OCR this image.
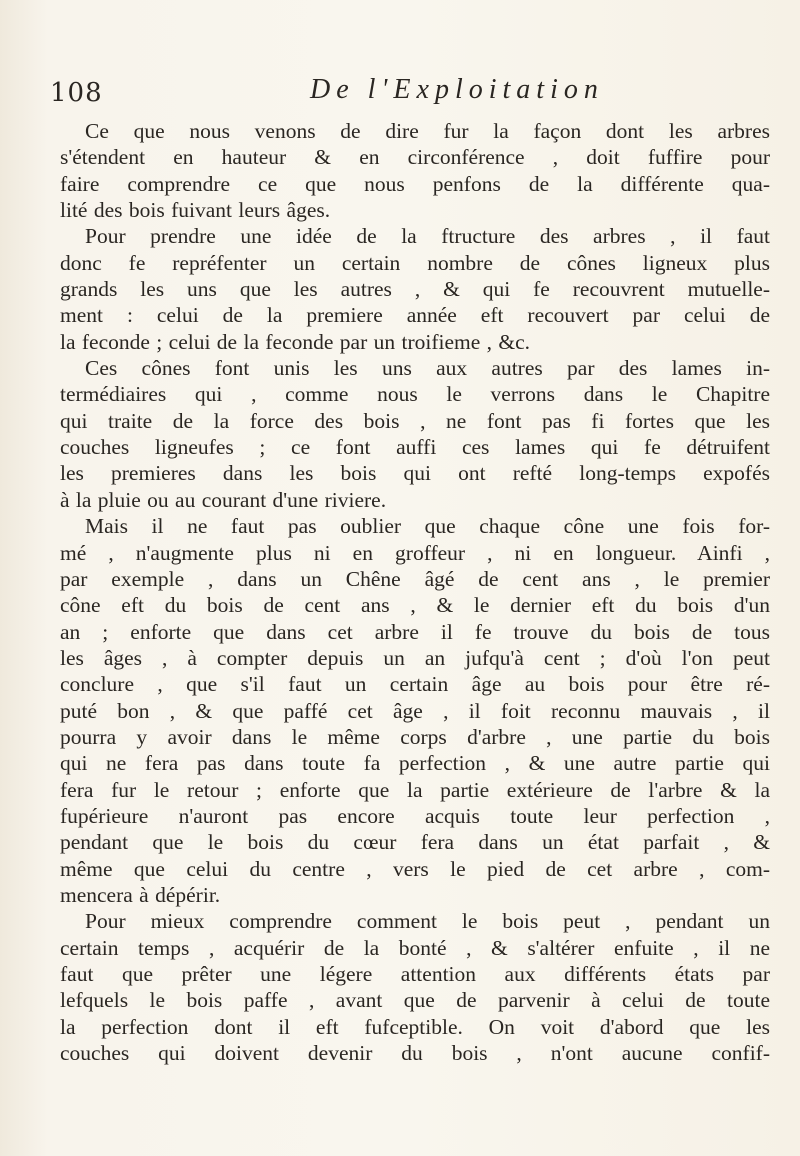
108	De l'Exploitation
Ce que nous venons de dire fur la façon dont les arbres
s'étendent en hauteur & en circonférence , doit fuffire pour
faire comprendre ce que nous penfons de la différente qua-
lité des bois fuivant leurs âges.
Pour prendre une idée de la ftructure des arbres , il faut
donc fe repréfenter un certain nombre de cônes ligneux plus
grands les uns que les autres , & qui fe recouvrent mutuelle-
ment : celui de la premiere année eft recouvert par celui de
la feconde ; celui de la feconde par un troifieme , &c.
Ces cônes font unis les uns aux autres par des lames in-
termédiaires qui , comme nous le verrons dans le Chapitre
qui traite de la force des bois , ne font pas fi fortes que les
couches ligneufes ; ce font auffi ces lames qui fe détruifent
les premieres dans les bois qui ont refté long-temps expofés
à la pluie ou au courant d'une riviere.
Mais il ne faut pas oublier que chaque cône une fois for-
mé , n'augmente plus ni en groffeur , ni en longueur. Ainfi ,
par exemple , dans un Chêne âgé de cent ans , le premier
cône eft du bois de cent ans , & le dernier eft du bois d'un
an ; enforte que dans cet arbre il fe trouve du bois de tous
les âges , à compter depuis un an jufqu'à cent ; d'où l'on peut
conclure , que s'il faut un certain âge au bois pour être ré-
puté bon , & que paffé cet âge , il foit reconnu mauvais , il
pourra y avoir dans le même corps d'arbre , une partie du bois
qui ne fera pas dans toute fa perfection , & une autre partie qui
fera fur le retour ; enforte que la partie extérieure de l'arbre & la
fupérieure n'auront pas encore acquis toute leur perfection ,
pendant que le bois du cœur fera dans un état parfait , &
même que celui du centre , vers le pied de cet arbre , com-
mencera à dépérir.
Pour mieux comprendre comment le bois peut , pendant un
certain temps , acquérir de la bonté , & s'altérer enfuite , il ne
faut que prêter une légere attention aux différents états par
lefquels le bois paffe , avant que de parvenir à celui de toute
la perfection dont il eft fufceptible. On voit d'abord que les
couches qui doivent devenir du bois , n'ont aucune confif-
